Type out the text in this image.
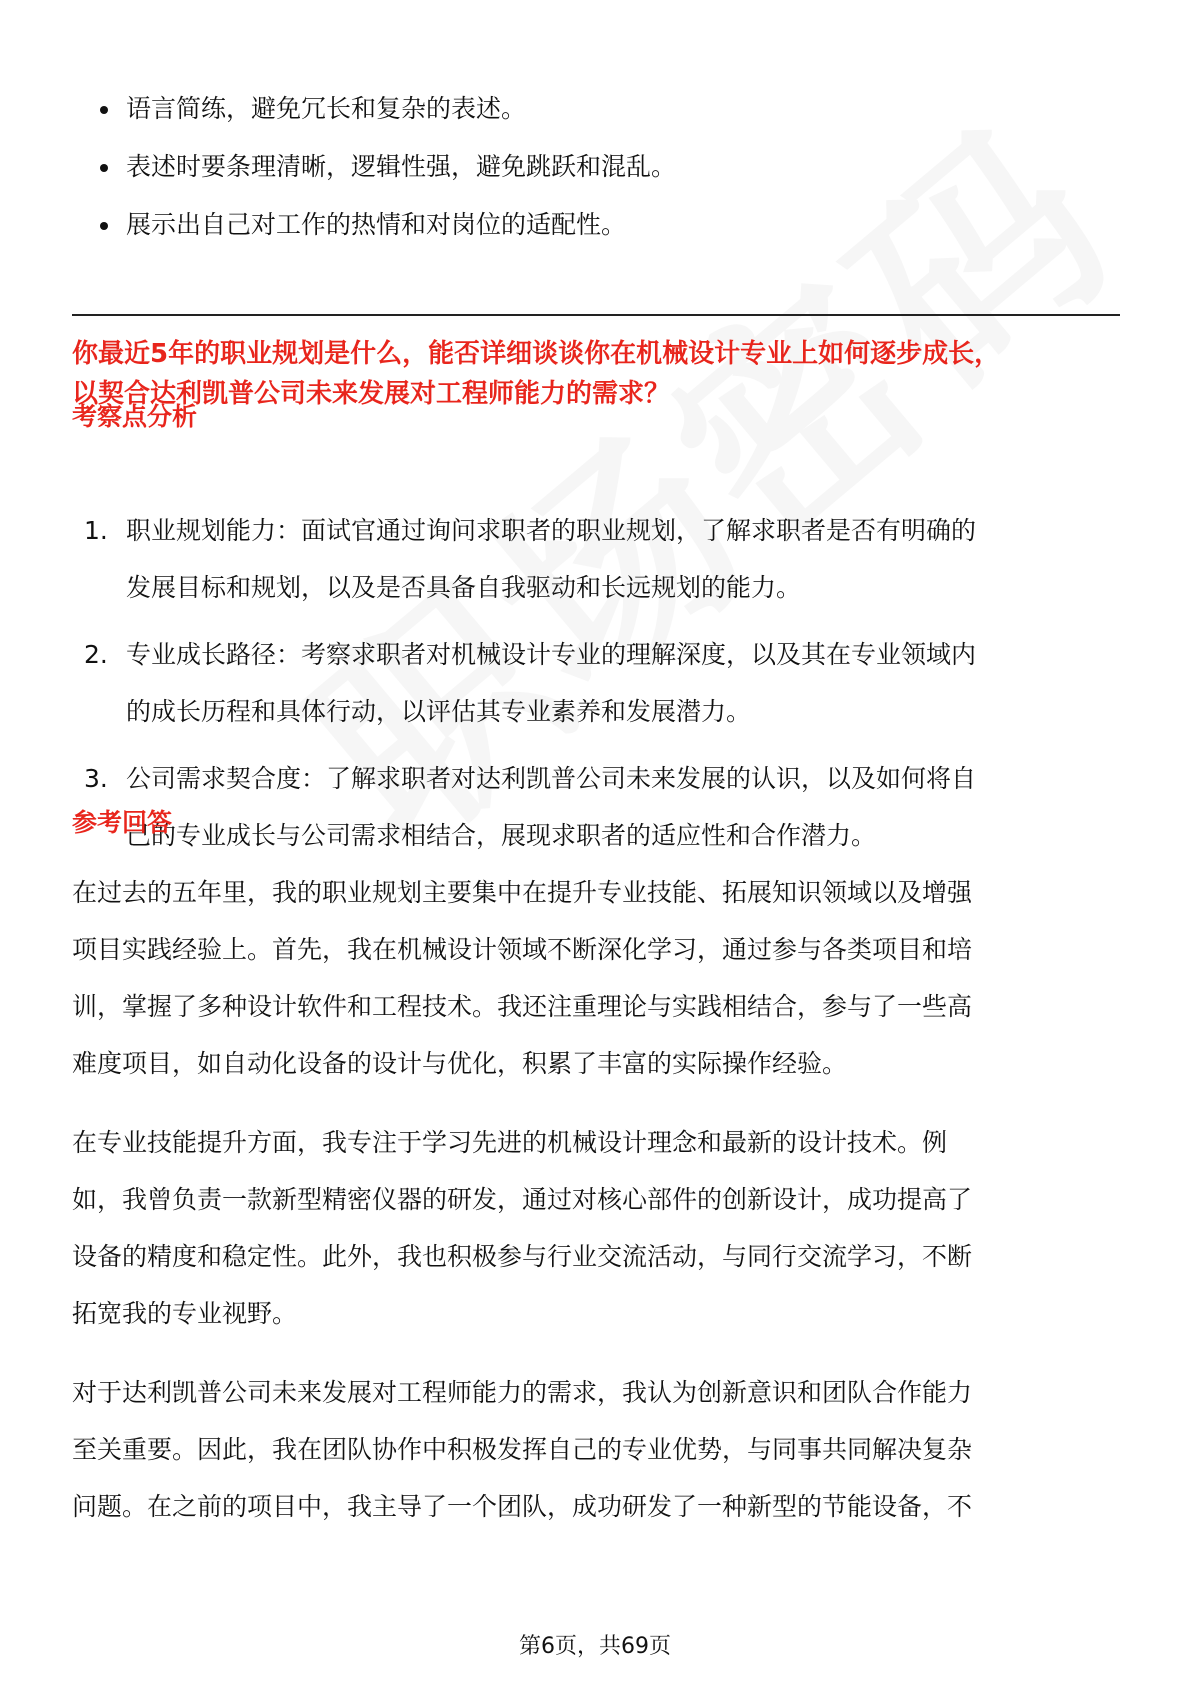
语言简练，避免冗长和复杂的表述。
表述时要条理清晰，逻辑性强，避免跳跃和混乱。
展示出自己对工作的热情和对岗位的适配性。
你最近5年的职业规划是什么，能否详细谈谈你在机械设计专业上如何逐步成长，
以契合达利凯普公司未来发展对工程师能力的需求？
考察点分析
1. 职业规划能力：面试官通过询问求职者的职业规划，了解求职者是否有明确的
发展目标和规划，以及是否具备自我驱动和长远规划的能力。
2. 专业成长路径：考察求职者对机械设计专业的理解深度，以及其在专业领域内
的成长历程和具体行动，以评估其专业素养和发展潜力。
3. 公司需求契合度：了解求职者对达利凯普公司未来发展的认识，以及如何将自
己的专业成长与公司需求相结合，展现求职者的适应性和合作潜力。
参考回答
在过去的五年里，我的职业规划主要集中在提升专业技能、拓展知识领域以及增强
项目实践经验上。首先，我在机械设计领域不断深化学习，通过参与各类项目和培
训，掌握了多种设计软件和工程技术。我还注重理论与实践相结合，参与了一些高
难度项目，如自动化设备的设计与优化，积累了丰富的实际操作经验。
在专业技能提升方面，我专注于学习先进的机械设计理念和最新的设计技术。例
如，我曾负责一款新型精密仪器的研发，通过对核心部件的创新设计，成功提高了
设备的精度和稳定性。此外，我也积极参与行业交流活动，与同行交流学习，不断
拓宽我的专业视野。
对于达利凯普公司未来发展对工程师能力的需求，我认为创新意识和团队合作能力
至关重要。因此，我在团队协作中积极发挥自己的专业优势，与同事共同解决复杂
问题。在之前的项目中，我主导了一个团队，成功研发了一种新型的节能设备，不
第6页，共69页
